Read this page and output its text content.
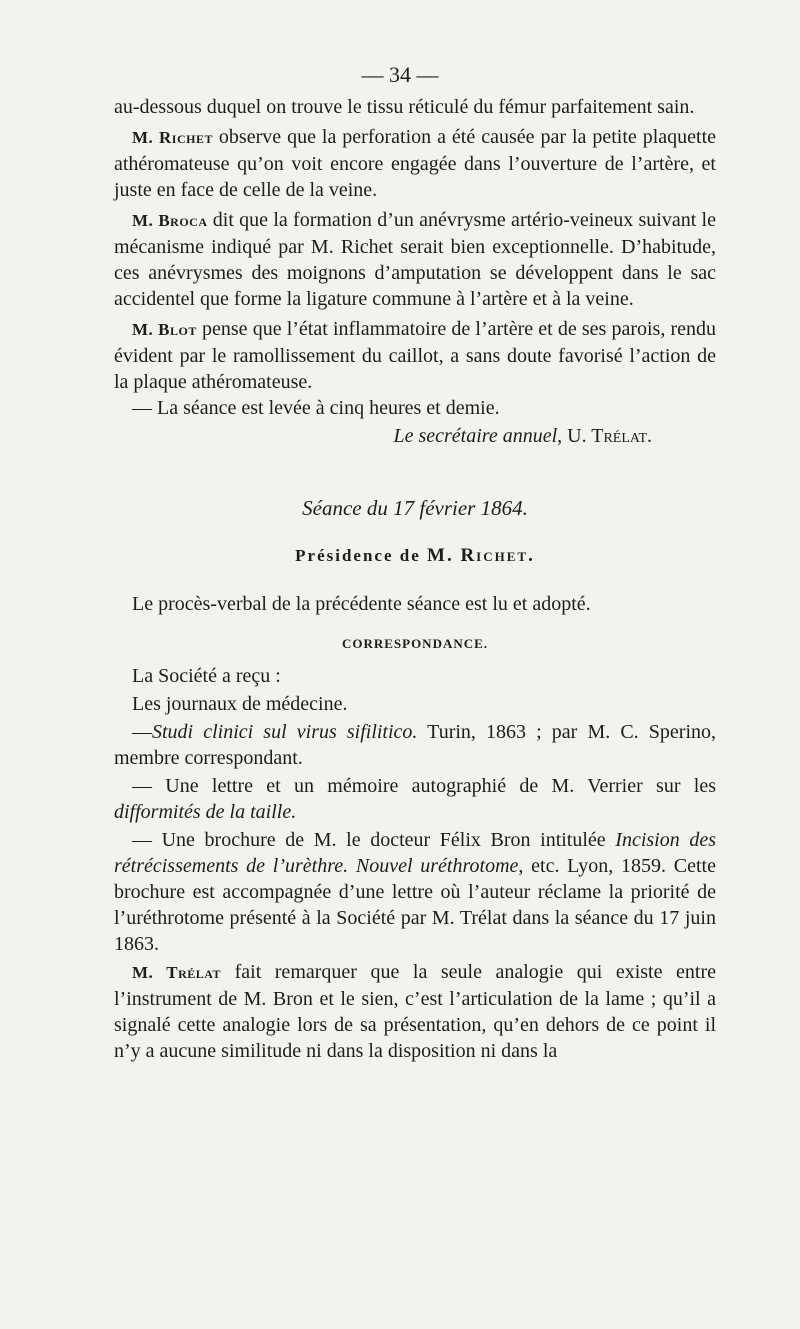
— 34 —

au-dessous duquel on trouve le tissu réticulé du fémur parfaitement sain.

M. Richet observe que la perforation a été causée par la petite plaquette athéromateuse qu’on voit encore engagée dans l’ouverture de l’artère, et juste en face de celle de la veine.

M. Broca dit que la formation d’un anévrysme artério-veineux suivant le mécanisme indiqué par M. Richet serait bien exceptionnelle. D’habitude, ces anévrysmes des moignons d’amputation se développent dans le sac accidentel que forme la ligature commune à l’artère et à la veine.

M. Blot pense que l’état inflammatoire de l’artère et de ses parois, rendu évident par le ramollissement du caillot, a sans doute favorisé l’action de la plaque athéromateuse.

— La séance est levée à cinq heures et demie.

Le secrétaire annuel, U. Trélat.

Séance du 17 février 1864.

Présidence de M. Richet.

Le procès-verbal de la précédente séance est lu et adopté.

CORRESPONDANCE.

La Société a reçu :

Les journaux de médecine.

—Studi clinici sul virus sifilitico. Turin, 1863 ; par M. C. Sperino, membre correspondant.

— Une lettre et un mémoire autographié de M. Verrier sur les difformités de la taille.

— Une brochure de M. le docteur Félix Bron intitulée Incision des rétrécissements de l’urèthre. Nouvel uréthrotome, etc. Lyon, 1859. Cette brochure est accompagnée d’une lettre où l’auteur réclame la priorité de l’uréthrotome présenté à la Société par M. Trélat dans la séance du 17 juin 1863.

M. Trélat fait remarquer que la seule analogie qui existe entre l’instrument de M. Bron et le sien, c’est l’articulation de la lame ; qu’il a signalé cette analogie lors de sa présentation, qu’en dehors de ce point il n’y a aucune similitude ni dans la disposition ni dans la
